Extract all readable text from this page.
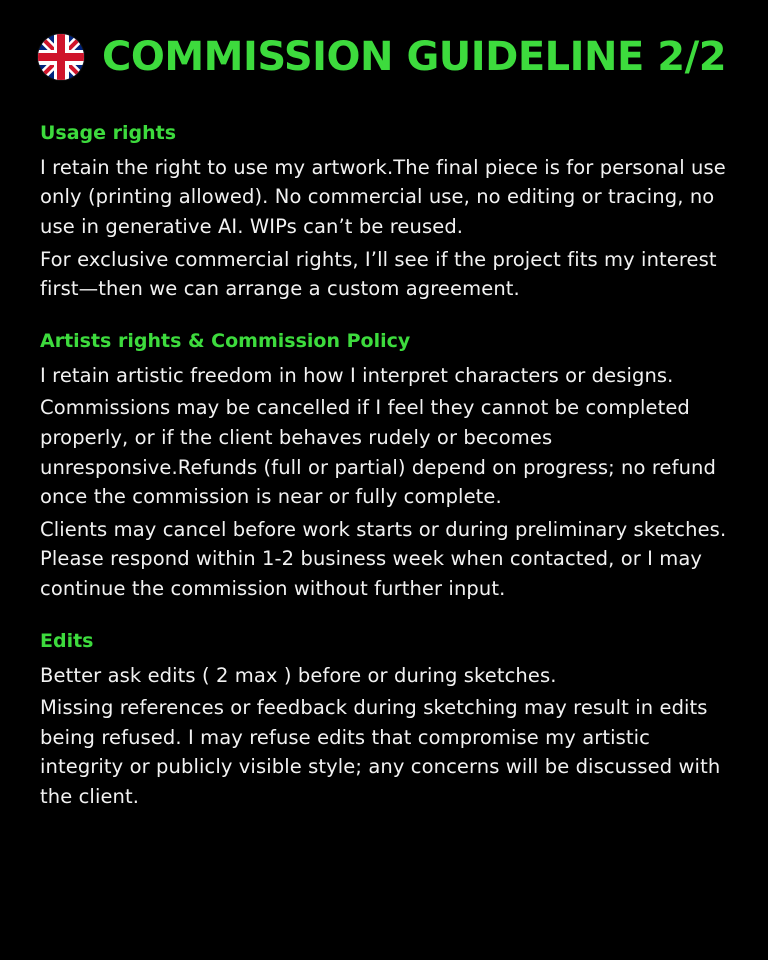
COMMISSION GUIDELINE 2/2
Usage rights

I retain the right to use my artwork.The final piece is for personal use only (printing allowed). No commercial use, no editing or tracing, no use in generative AI. WIPs can’t be reused.

For exclusive commercial rights, I’ll see if the project fits my interest first—then we can arrange a custom agreement.

Artists rights & Commission Policy

I retain artistic freedom in how I interpret characters or designs.

Commissions may be cancelled if I feel they cannot be completed properly, or if the client behaves rudely or becomes unresponsive.Refunds (full or partial) depend on progress; no refund once the commission is near or fully complete.

Clients may cancel before work starts or during preliminary sketches. Please respond within 1-2 business week when contacted, or I may continue the commission without further input.

Edits

Better ask edits ( 2 max ) before or during sketches.

Missing references or feedback during sketching may result in edits being refused. I may refuse edits that compromise my artistic integrity or publicly visible style; any concerns will be discussed with the client.
